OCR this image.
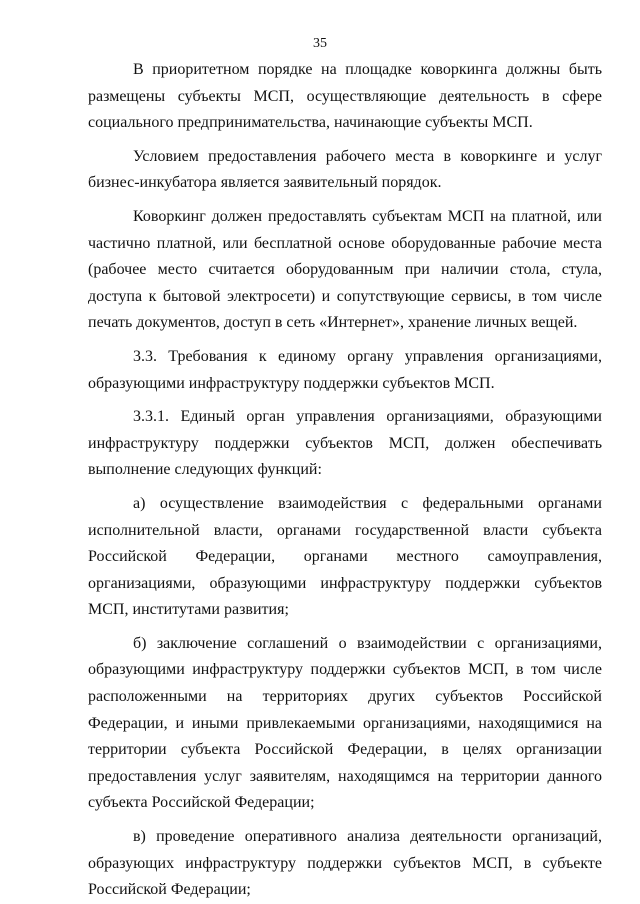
35

В приоритетном порядке на площадке коворкинга должны быть размещены субъекты МСП, осуществляющие деятельность в сфере социального предпринимательства, начинающие субъекты МСП.

Условием предоставления рабочего места в коворкинге и услуг бизнес-инкубатора является заявительный порядок.

Коворкинг должен предоставлять субъектам МСП на платной, или частично платной, или бесплатной основе оборудованные рабочие места (рабочее место считается оборудованным при наличии стола, стула, доступа к бытовой электросети) и сопутствующие сервисы, в том числе печать документов, доступ в сеть «Интернет», хранение личных вещей.

3.3. Требования к единому органу управления организациями, образующими инфраструктуру поддержки субъектов МСП.

3.3.1. Единый орган управления организациями, образующими инфраструктуру поддержки субъектов МСП, должен обеспечивать выполнение следующих функций:

а) осуществление взаимодействия с федеральными органами исполнительной власти, органами государственной власти субъекта Российской Федерации, органами местного самоуправления, организациями, образующими инфраструктуру поддержки субъектов МСП, институтами развития;

б) заключение соглашений о взаимодействии с организациями, образующими инфраструктуру поддержки субъектов МСП, в том числе расположенными на территориях других субъектов Российской Федерации, и иными привлекаемыми организациями, находящимися на территории субъекта Российской Федерации, в целях организации предоставления услуг заявителям, находящимся на территории данного субъекта Российской Федерации;

в) проведение оперативного анализа деятельности организаций, образующих инфраструктуру поддержки субъектов МСП, в субъекте Российской Федерации;
